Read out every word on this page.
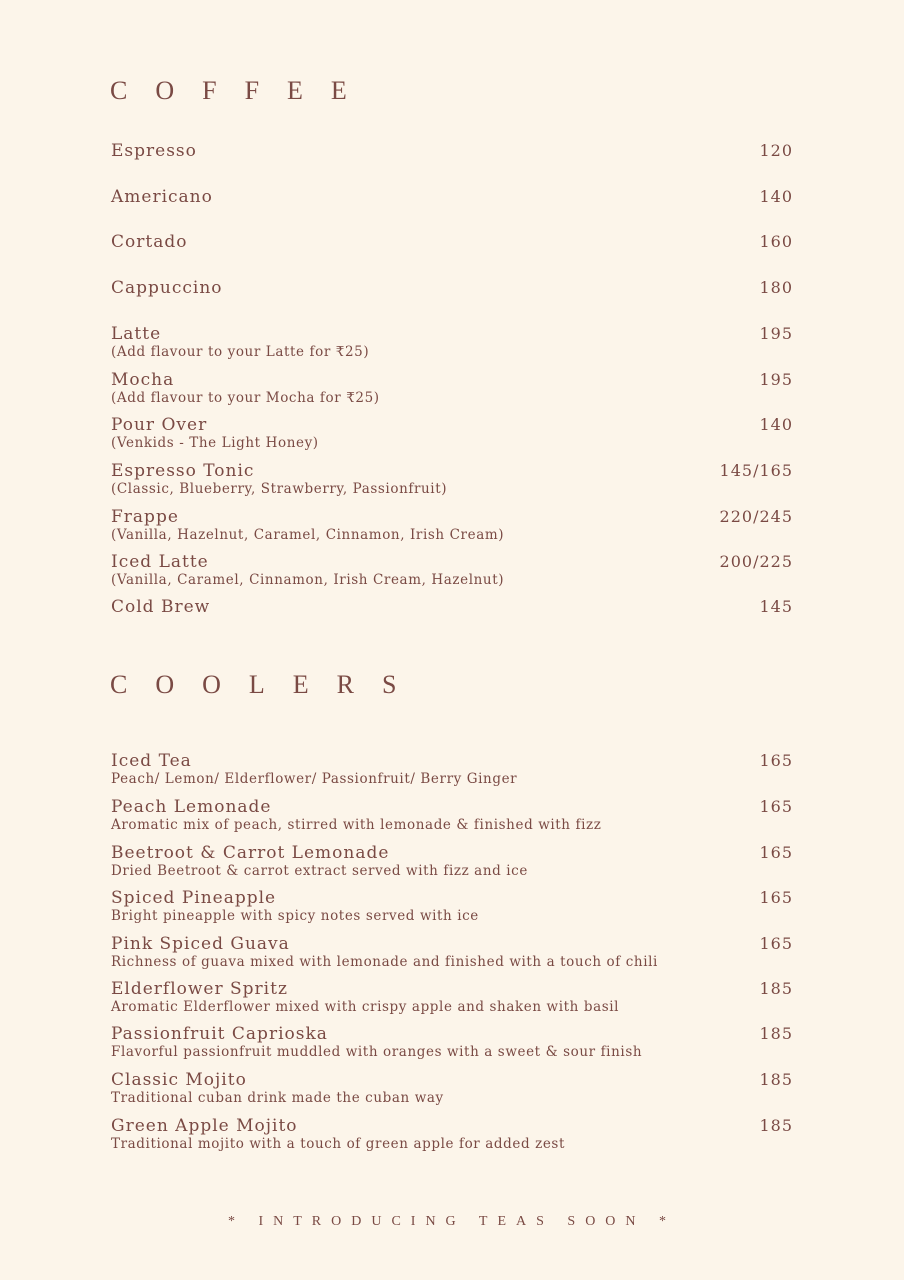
COFFEE
Espresso	120
Americano	140
Cortado	160
Cappuccino	180
Latte	195
(Add flavour to your Latte for ₹25)
Mocha	195
(Add flavour to your Mocha for ₹25)
Pour Over	140
(Venkids - The Light Honey)
Espresso Tonic	145/165
(Classic, Blueberry, Strawberry, Passionfruit)
Frappe	220/245
(Vanilla, Hazelnut, Caramel, Cinnamon, Irish Cream)
Iced Latte	200/225
(Vanilla, Caramel, Cinnamon, Irish Cream, Hazelnut)
Cold Brew	145
COOLERS
Iced Tea	165
Peach/ Lemon/ Elderflower/ Passionfruit/ Berry Ginger
Peach Lemonade	165
Aromatic mix of peach, stirred with lemonade & finished with fizz
Beetroot & Carrot Lemonade	165
Dried Beetroot & carrot extract served with fizz and ice
Spiced Pineapple	165
Bright pineapple with spicy notes served with ice
Pink Spiced Guava	165
Richness of guava mixed with lemonade and finished with a touch of chili
Elderflower Spritz	185
Aromatic Elderflower mixed with crispy apple and shaken with basil
Passionfruit Caprioska	185
Flavorful passionfruit muddled with oranges with a sweet & sour finish
Classic Mojito	185
Traditional cuban drink made the cuban way
Green Apple Mojito	185
Traditional mojito with a touch of green apple for added zest
* INTRODUCING TEAS SOON *
